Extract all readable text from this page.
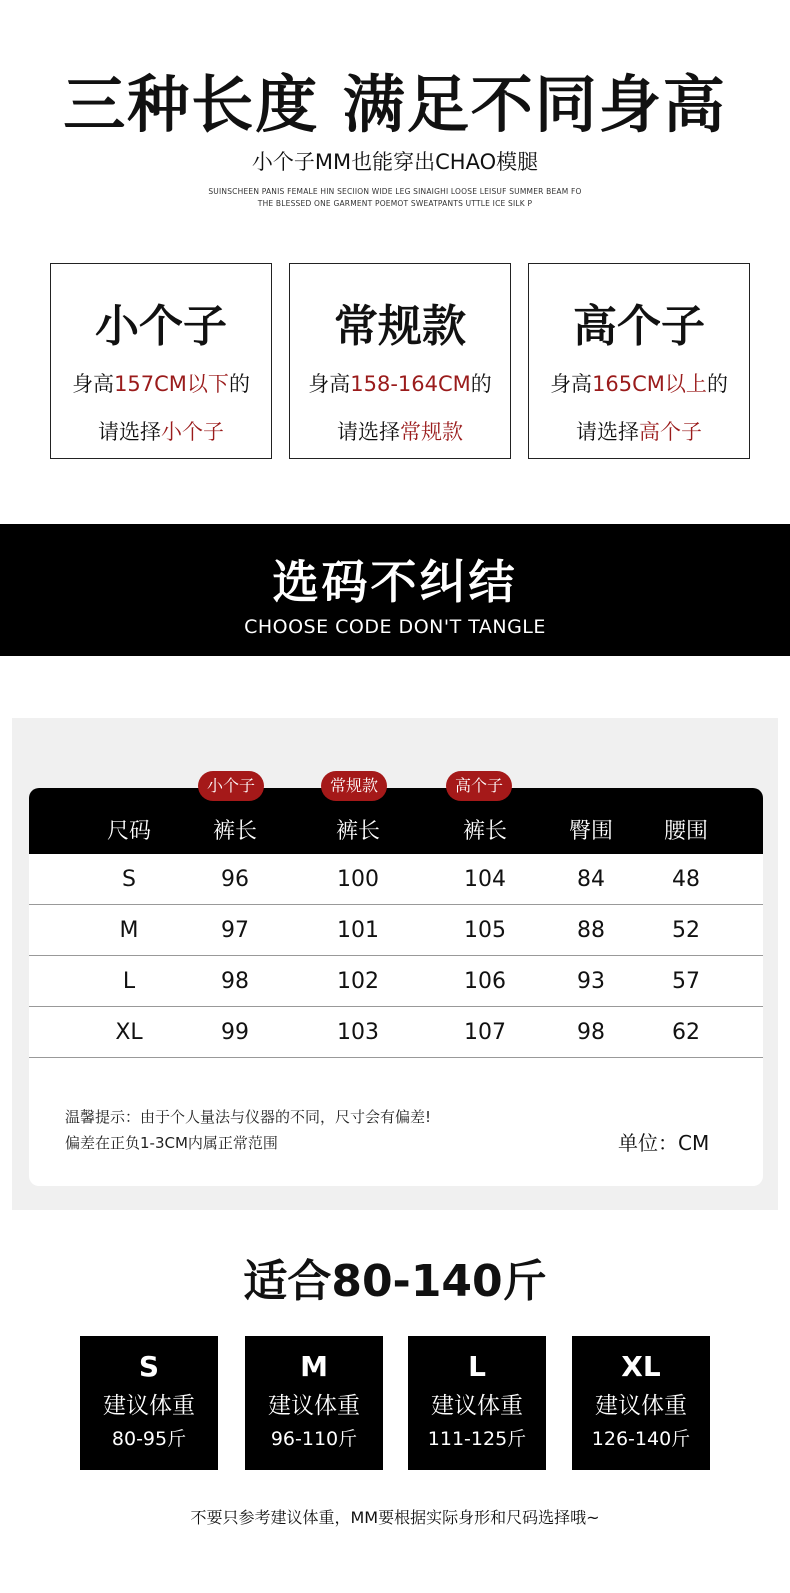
三种长度 满足不同身高
小个子MM也能穿出CHAO模腿
SUINSCHEEN PANIS FEMALE HIN SECIION WIDE LEG SINAIGHI LOOSE LEISUF SUMMER BEAM FO
THE BLESSED ONE GARMENT POEMOT SWEATPANTS UTTLE ICE SILK P
小个子
身高157CM以下的
请选择小个子
常规款
身高158-164CM的
请选择常规款
高个子
身高165CM以上的
请选择高个子
选码不纠结
CHOOSE CODE DON'T TANGLE
尺码	裤长	裤长	裤长	臀围	腰围
S	96	100	104	84	48
M	97	101	105	88	52
L	98	102	106	93	57
XL	99	103	107	98	62
小个子	常规款	高个子
温馨提示：由于个人量法与仪器的不同，尺寸会有偏差!
偏差在正负1-3CM内属正常范围	单位：CM
适合80-140斤
S
建议体重
80-95斤
M
建议体重
96-110斤
L
建议体重
111-125斤
XL
建议体重
126-140斤
不要只参考建议体重，MM要根据实际身形和尺码选择哦~
